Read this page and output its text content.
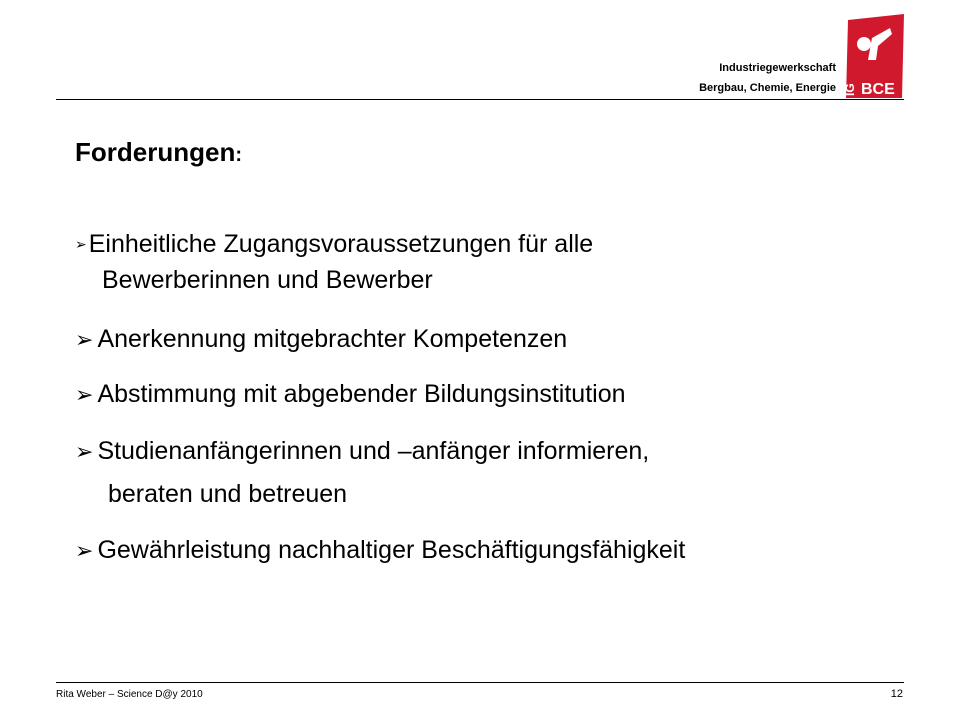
Industriegewerkschaft
Bergbau, Chemie, Energie IG BCE
Forderungen:
➢Einheitliche Zugangsvoraussetzungen für alle
Bewerberinnen und Bewerber
➢ Anerkennung mitgebrachter Kompetenzen
➢ Abstimmung mit abgebender Bildungsinstitution
➢ Studienanfängerinnen und –anfänger informieren,
beraten und betreuen
➢ Gewährleistung nachhaltiger Beschäftigungsfähigkeit
Rita Weber – Science D@y 2010	12
